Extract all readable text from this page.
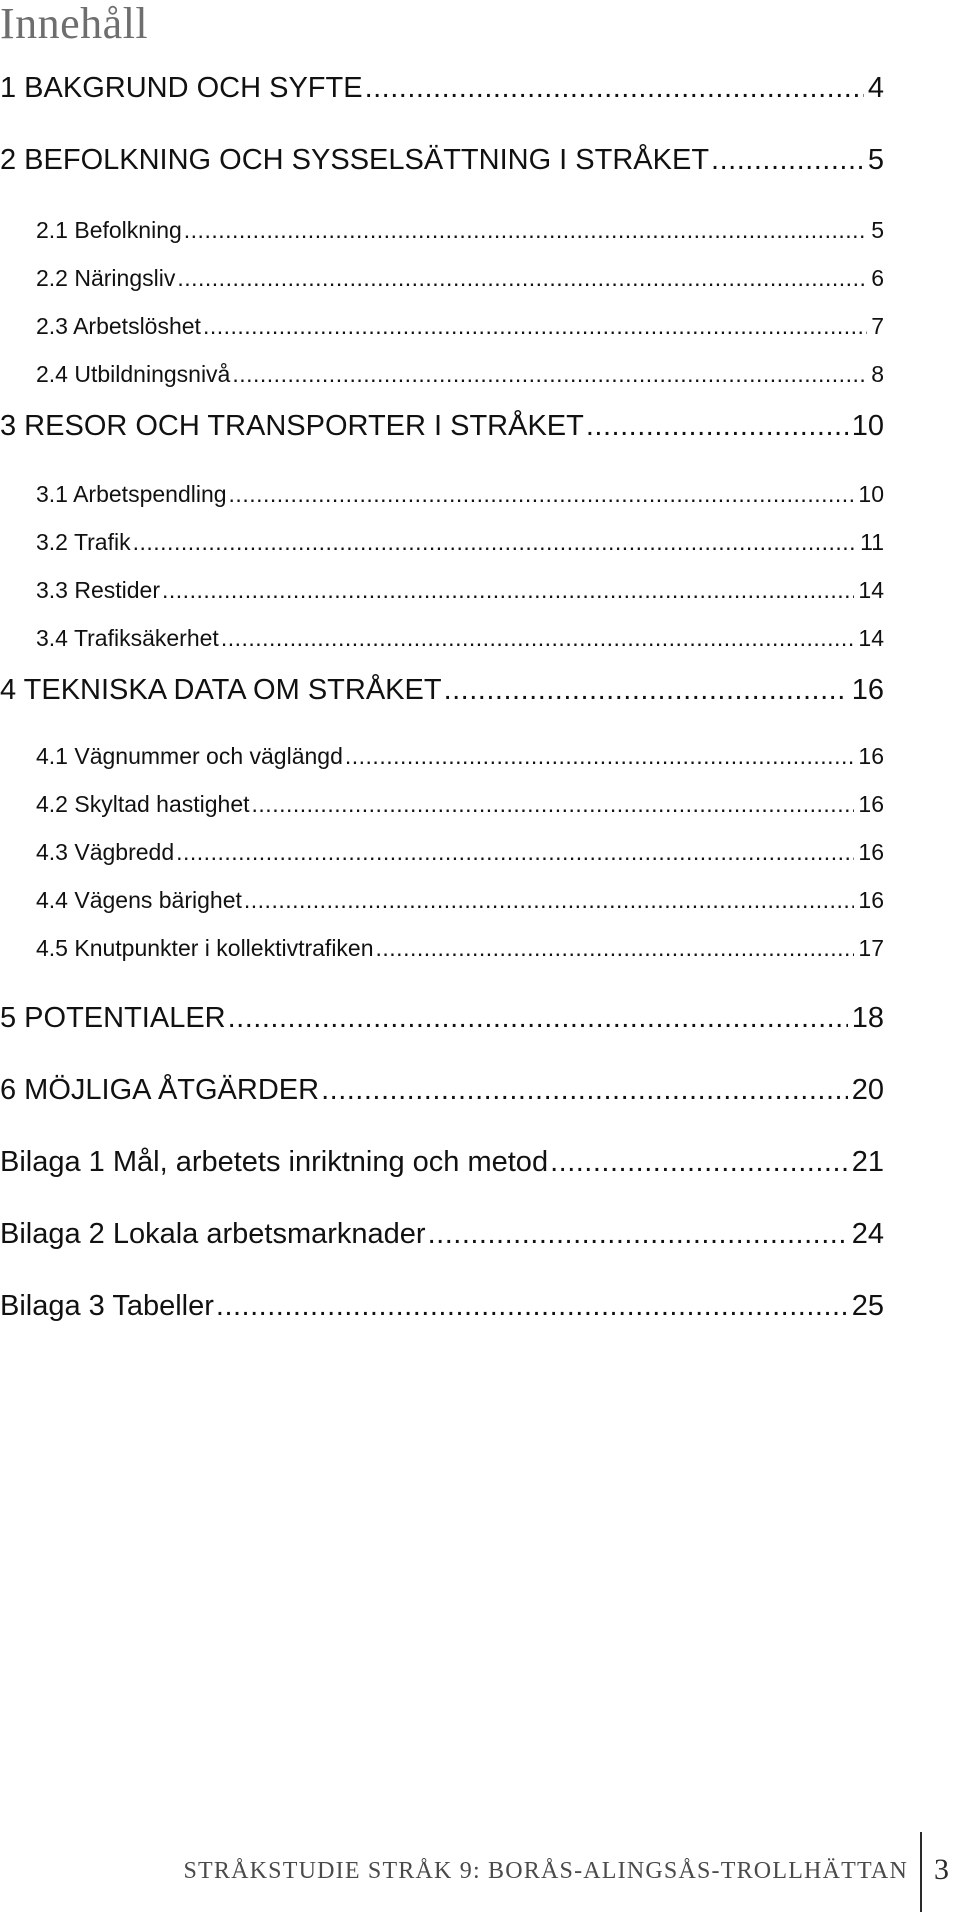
Innehåll
1 BAKGRUND OCH SYFTE .....	4
2 BEFOLKNING OCH SYSSELSÄTTNING I STRÅKET .....	5
2.1 Befolkning .....	5
2.2 Näringsliv .....	6
2.3 Arbetslöshet .....	7
2.4 Utbildningsnivå .....	8
3 RESOR OCH TRANSPORTER I STRÅKET .....	10
3.1 Arbetspendling .....	10
3.2 Trafik .....	11
3.3 Restider .....	14
3.4 Trafiksäkerhet .....	14
4 TEKNISKA DATA OM STRÅKET .....	16
4.1 Vägnummer och väglängd .....	16
4.2 Skyltad hastighet .....	16
4.3 Vägbredd .....	16
4.4 Vägens bärighet .....	16
4.5 Knutpunkter i kollektivtrafiken .....	17
5 POTENTIALER .....	18
6 MÖJLIGA ÅTGÄRDER .....	20
Bilaga 1 Mål, arbetets inriktning och metod .....	21
Bilaga 2 Lokala arbetsmarknader .....	24
Bilaga 3 Tabeller .....	25
STRÅKSTUDIE STRÅK 9: BORÅS-ALINGSÅS-TROLLHÄTTAN 3
